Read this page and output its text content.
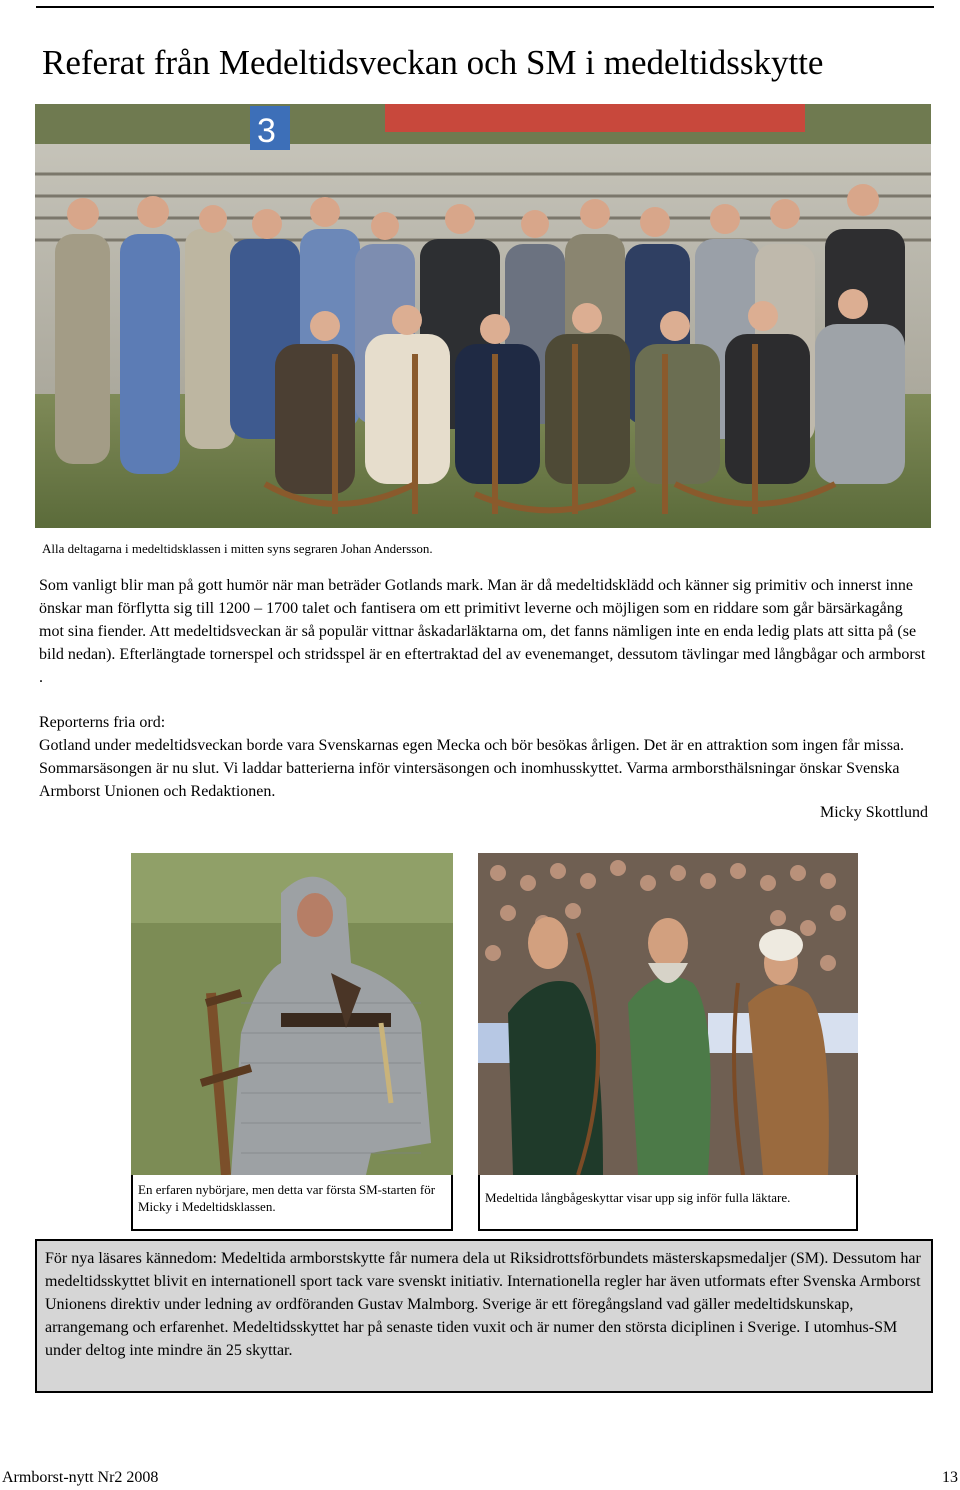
Referat från Medeltidsveckan och SM i medeltidsskytte
3
Alla deltagarna i medeltidsklassen i mitten syns segraren Johan Andersson.

Som vanligt blir man på gott humör när man beträder Gotlands mark. Man är då medeltidsklädd och känner sig primitiv och innerst inne önskar man förflytta sig till 1200 – 1700 talet och fantisera om ett primitivt leverne och möjligen som en riddare som går bärsärkagång mot sina fiender. Att medeltidsveckan är så populär vittnar åskadarläktarna om, det fanns nämligen inte en enda ledig plats att sitta på (se bild nedan). Efterlängtade tornerspel och stridsspel är en eftertraktad del av evenemanget, dessutom tävlingar med långbågar och armborst .

Reporterns fria ord:

Gotland under medeltidsveckan borde vara Svenskarnas egen Mecka och bör besökas årligen. Det är en attraktion som ingen får missa. Sommarsäsongen är nu slut. Vi laddar batterierna inför vintersäsongen och inomhusskyttet. Varma armborsthälsningar önskar Svenska Armborst Unionen och Redaktionen.

Micky Skottlund
En erfaren nybörjare, men detta var första SM-starten för Micky i Medeltidsklassen.
Medeltida långbågeskyttar visar upp sig inför fulla läktare.
För nya läsares kännedom: Medeltida armborstskytte får numera dela ut Riksidrottsförbundets mästerskapsmedaljer (SM). Dessutom har medeltidsskyttet blivit en internationell sport tack vare svenskt initiativ. Internationella regler har även utformats efter Svenska Armborst Unionens direktiv under ledning av ordföranden Gustav Malmborg. Sverige är ett föregångsland vad gäller medeltidskunskap, arrangemang och erfarenhet. Medeltidsskyttet har på senaste tiden vuxit och är numer den största diciplinen i Sverige. I utomhus-SM under deltog inte mindre än 25 skyttar.
Armborst-nytt Nr2 2008	13
